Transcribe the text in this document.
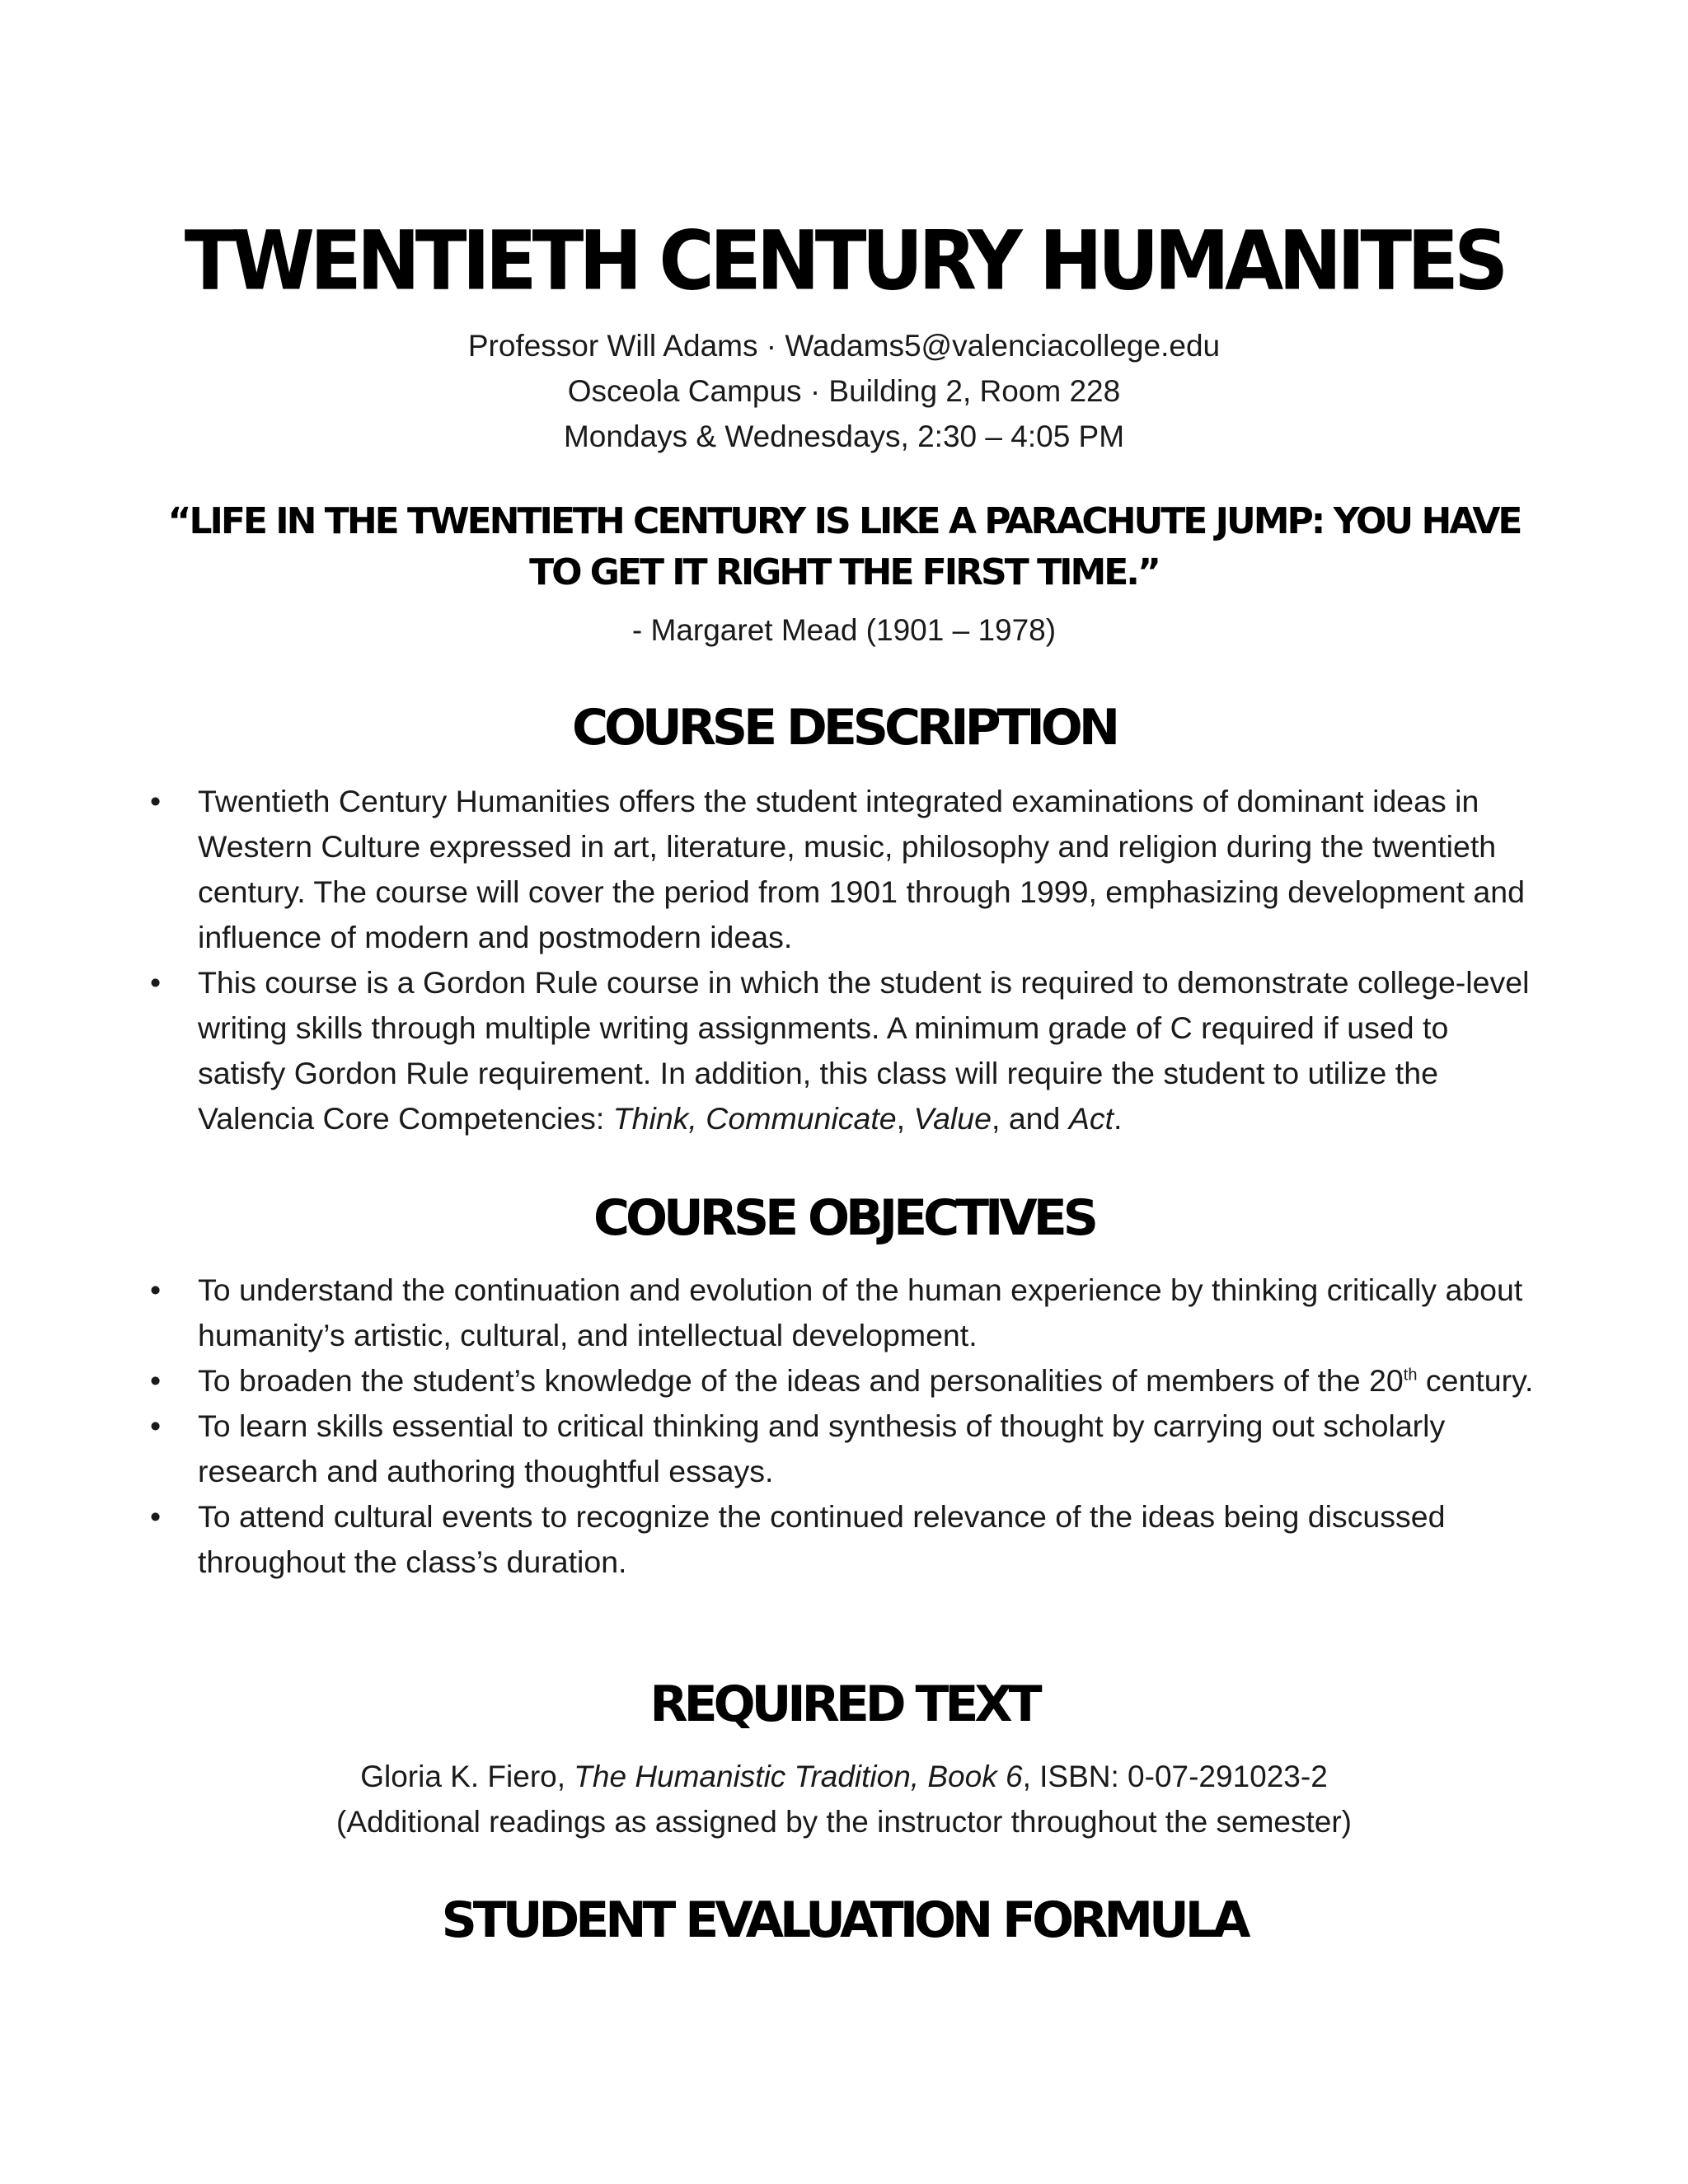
TWENTIETH CENTURY HUMANITES
Professor Will Adams · Wadams5@valenciacollege.edu
Osceola Campus · Building 2, Room 228
Mondays & Wednesdays, 2:30 – 4:05 PM
“LIFE IN THE TWENTIETH CENTURY IS LIKE A PARACHUTE JUMP: YOU HAVE TO GET IT RIGHT THE FIRST TIME.”
- Margaret Mead (1901 – 1978)
COURSE DESCRIPTION
•	Twentieth Century Humanities offers the student integrated examinations of dominant ideas in Western Culture expressed in art, literature, music, philosophy and religion during the twentieth century. The course will cover the period from 1901 through 1999, emphasizing development and influence of modern and postmodern ideas.
•	This course is a Gordon Rule course in which the student is required to demonstrate college-level writing skills through multiple writing assignments. A minimum grade of C required if used to satisfy Gordon Rule requirement. In addition, this class will require the student to utilize the Valencia Core Competencies: Think, Communicate, Value, and Act.
COURSE OBJECTIVES
•	To understand the continuation and evolution of the human experience by thinking critically about humanity’s artistic, cultural, and intellectual development.
•	To broaden the student’s knowledge of the ideas and personalities of members of the 20th century.
•	To learn skills essential to critical thinking and synthesis of thought by carrying out scholarly research and authoring thoughtful essays.
•	To attend cultural events to recognize the continued relevance of the ideas being discussed throughout the class’s duration.
REQUIRED TEXT
Gloria K. Fiero, The Humanistic Tradition, Book 6, ISBN: 0-07-291023-2
(Additional readings as assigned by the instructor throughout the semester)
STUDENT EVALUATION FORMULA
